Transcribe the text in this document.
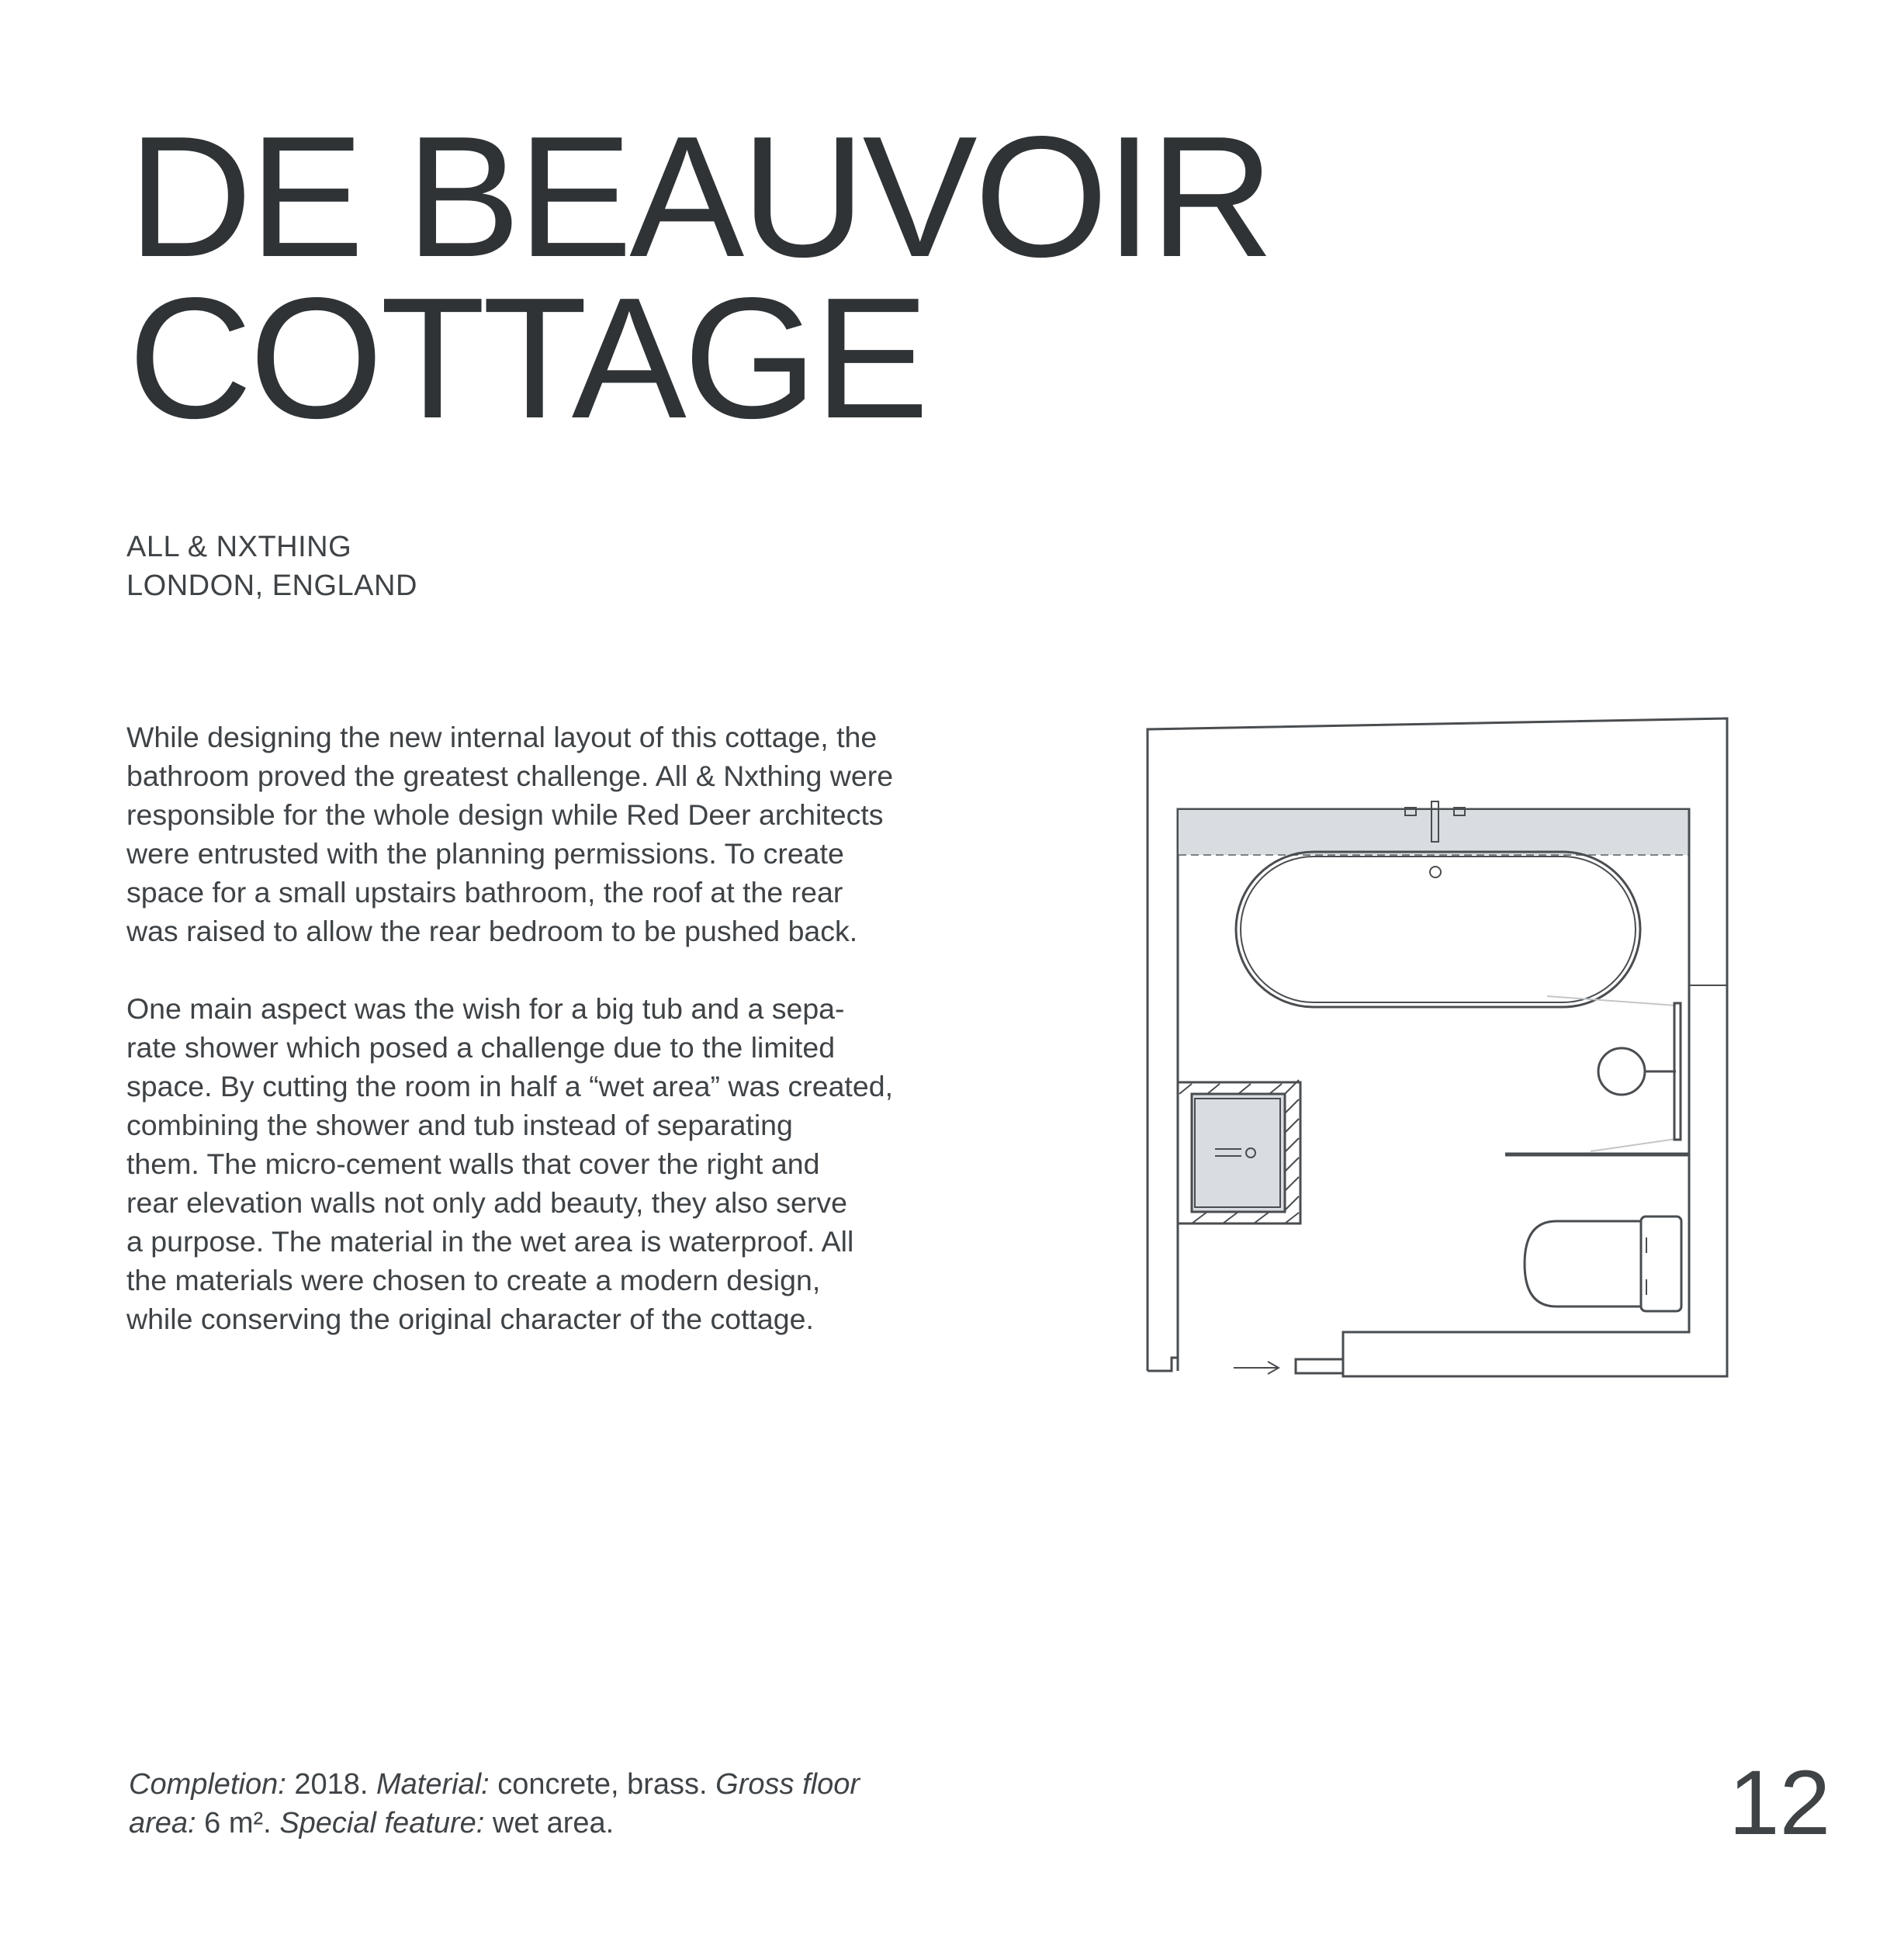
DE BEAUVOIR
COTTAGE
ALL & NXTHING
LONDON, ENGLAND

While designing the new internal layout of this cottage, the
bathroom proved the greatest challenge. All & Nxthing were
responsible for the whole design while Red Deer architects
were entrusted with the planning permissions. To create
space for a small upstairs bathroom, the roof at the rear
was raised to allow the rear bedroom to be pushed back.

One main aspect was the wish for a big tub and a sepa-
rate shower which posed a challenge due to the limited
space. By cutting the room in half a “wet area” was created,
combining the shower and tub instead of separating
them. The micro-cement walls that cover the right and
rear elevation walls not only add beauty, they also serve
a purpose. The material in the wet area is waterproof. All
the materials were chosen to create a modern design,
while conserving the original character of the cottage.

Completion: 2018. Material: concrete, brass. Gross floor area: 6 m². Special feature: wet area.	12
